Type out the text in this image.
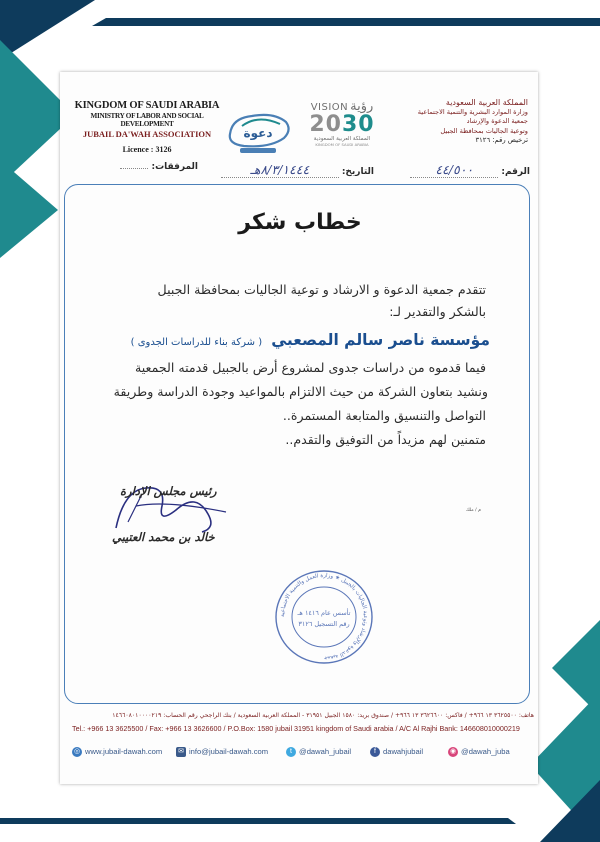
KINGDOM OF SAUDI ARABIA
MINISTRY OF LABOR AND SOCIAL DEVELOPMENT
JUBAIL DA'WAH ASSOCIATION
Licence : 3126
دعوة
VISION رؤية
2030
المملكة العربية السعودية
KINGDOM OF SAUDI ARABIA
المملكة العربية السعودية
وزارة الموارد البشرية والتنمية الاجتماعية
جمعية الدعوة والإرشاد
وتوعية الجاليات بمحافظة الجبيل
ترخيص رقم: ٣١٢٦
الرقم: ٤٤/٥٠٠
التاريخ: ٨/٣/١٤٤٤هـ
المرفقات:
خطاب شكر
تتقدم جمعية الدعوة و الارشاد و توعية الجاليات بمحافظة الجبيل
بالشكر والتقدير لـ:
مؤسسة ناصر سالم المصعبي ( شركة بناء للدراسات الجدوى )
فيما قدموه من دراسات جدوى لمشروع أرض بالجبيل قدمته الجمعية
ونشيد بتعاون الشركة من حيث الالتزام بالمواعيد وجودة الدراسة وطريقة
التواصل والتنسيق والمتابعة المستمرة..
متمنين لهم مزيداً من التوفيق والتقدم..
م / ملك
رئيس مجلس الإدارة
خالد بن محمد العتيبي
جمعية الدعوة والإرشاد وتوعية الجاليات بالجبيل ★ وزارة العمل والتنمية الاجتماعية
تأسس عام ١٤١٦ هـ
رقم التسجيل ٣١٢٦
هاتف: ٣٦٢٥٥٠٠ ١٣ ٩٦٦+ / فاكس: ٣٦٢٦٦٠٠ ١٣ ٩٦٦+ / صندوق بريد: ١٥٨٠ الجبيل ٣١٩٥١ - المملكة العربية السعودية / بنك الراجحي رقم الحساب: ١٤٦٦٠٨٠١٠٠٠٠٢١٩
Tel.: +966 13 3625500 / Fax: +966 13 3626600 / P.O.Box: 1580 jubail 31951 kingdom of Saudi arabia / A/C Al Rajhi Bank: 146608010000219
◎ www.jubail-dawah.com ✉ info@jubail-dawah.com	t @dawah_jubail	f dawahjubail	◉ @dawah_juba
